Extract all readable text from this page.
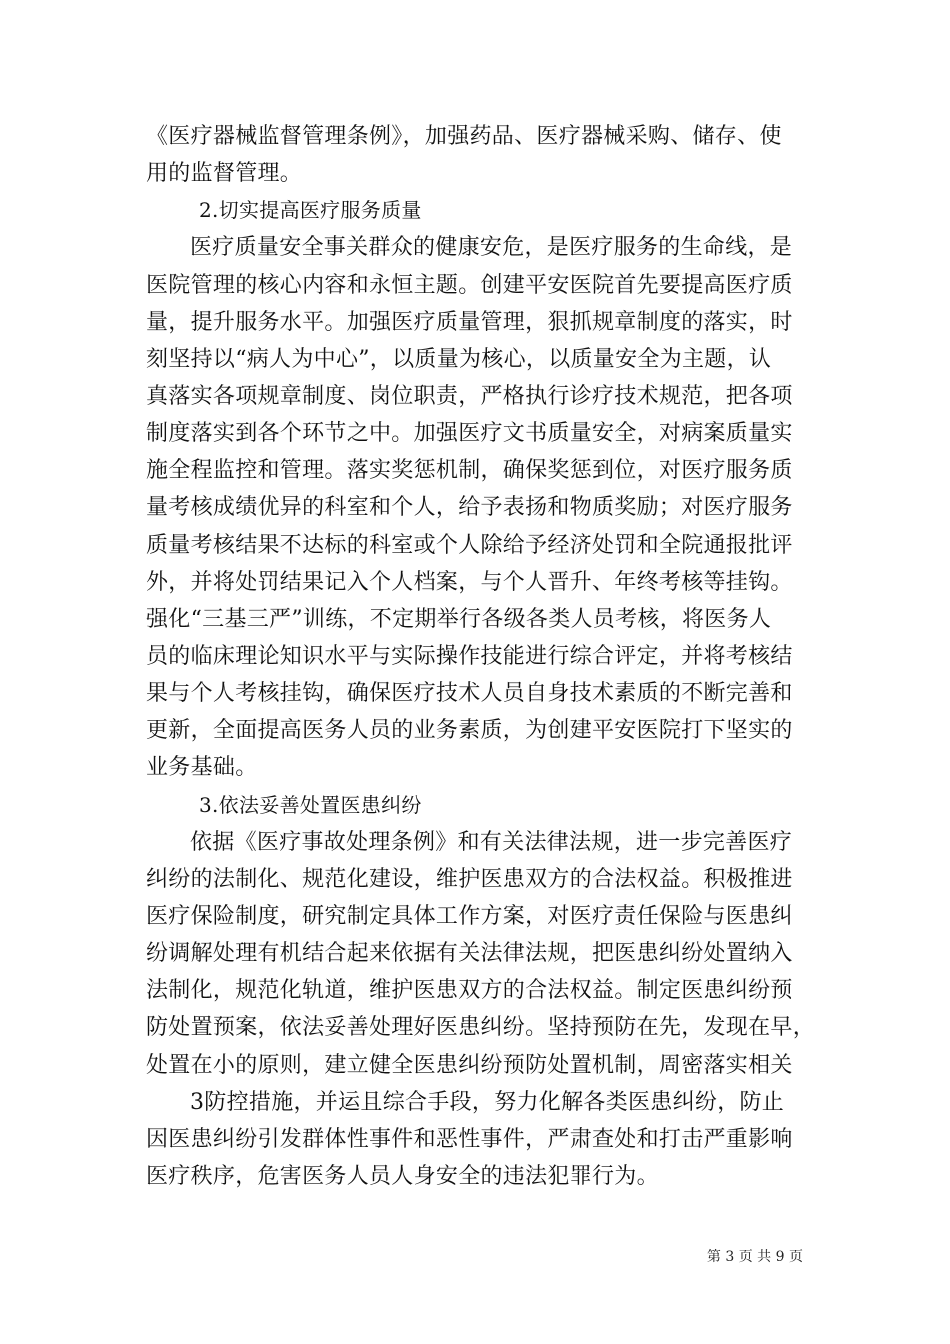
《医疗器械监督管理条例》，加强药品、医疗器械采购、储存、使
用的监督管理。
2.切实提高医疗服务质量
医疗质量安全事关群众的健康安危，是医疗服务的生命线，是
医院管理的核心内容和永恒主题。创建平安医院首先要提高医疗质
量，提升服务水平。加强医疗质量管理，狠抓规章制度的落实，时
刻坚持以“病人为中心”，以质量为核心，以质量安全为主题，认
真落实各项规章制度、岗位职责，严格执行诊疗技术规范，把各项
制度落实到各个环节之中。加强医疗文书质量安全，对病案质量实
施全程监控和管理。落实奖惩机制，确保奖惩到位，对医疗服务质
量考核成绩优异的科室和个人，给予表扬和物质奖励；对医疗服务
质量考核结果不达标的科室或个人除给予经济处罚和全院通报批评
外，并将处罚结果记入个人档案，与个人晋升、年终考核等挂钩。
强化“三基三严”训练，不定期举行各级各类人员考核，将医务人
员的临床理论知识水平与实际操作技能进行综合评定，并将考核结
果与个人考核挂钩，确保医疗技术人员自身技术素质的不断完善和
更新，全面提高医务人员的业务素质，为创建平安医院打下坚实的
业务基础。
3.依法妥善处置医患纠纷
依据《医疗事故处理条例》和有关法律法规，进一步完善医疗
纠纷的法制化、规范化建设，维护医患双方的合法权益。积极推进
医疗保险制度，研究制定具体工作方案，对医疗责任保险与医患纠
纷调解处理有机结合起来依据有关法律法规，把医患纠纷处置纳入
法制化，规范化轨道，维护医患双方的合法权益。制定医患纠纷预
防处置预案，依法妥善处理好医患纠纷。坚持预防在先，发现在早，
处置在小的原则，建立健全医患纠纷预防处置机制，周密落实相关
3防控措施，并运且综合手段，努力化解各类医患纠纷，防止
因医患纠纷引发群体性事件和恶性事件，严肃查处和打击严重影响
医疗秩序，危害医务人员人身安全的违法犯罪行为。
第 3 页 共 9 页
